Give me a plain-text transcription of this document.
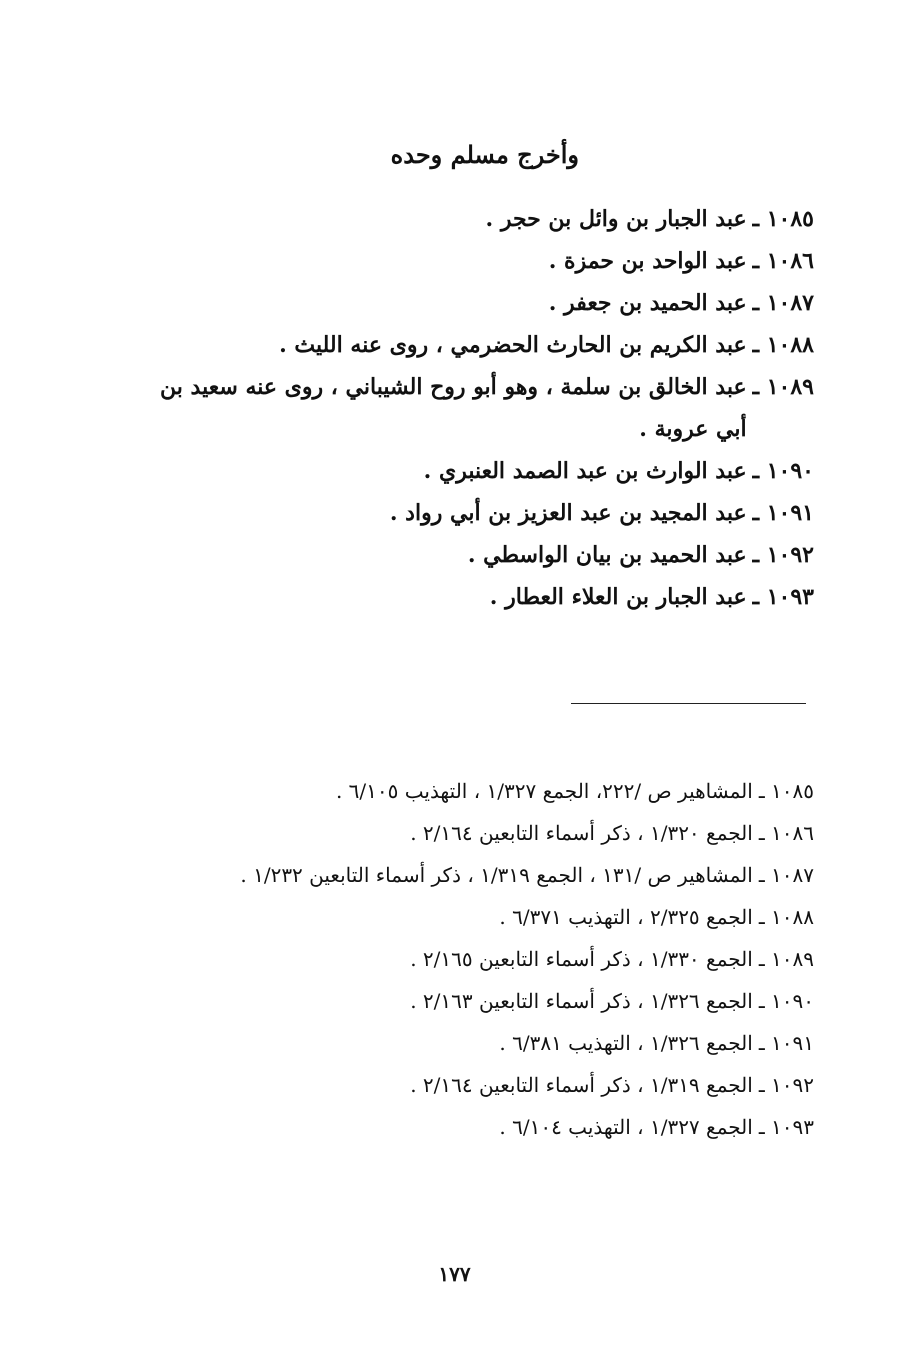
وأخرج مسلم وحده
١٠٨٥ ـ
عبد الجبار بن وائل بن حجر .
١٠٨٦ ـ
عبد الواحد بن حمزة .
١٠٨٧ ـ
عبد الحميد بن جعفر .
١٠٨٨ ـ
عبد الكريم بن الحارث الحضرمي ، روى عنه الليث .
١٠٨٩ ـ
عبد الخالق بن سلمة ، وهو أبو روح الشيباني ، روى عنه سعيد بن أبي عروبة .
١٠٩٠ ـ
عبد الوارث بن عبد الصمد العنبري .
١٠٩١ ـ
عبد المجيد بن عبد العزيز بن أبي رواد .
١٠٩٢ ـ
عبد الحميد بن بيان الواسطي .
١٠٩٣ ـ
عبد الجبار بن العلاء العطار .
١٠٨٥ ـ
المشاهير ص /٢٢٢، الجمع ١/٣٢٧ ، التهذيب ٦/١٠٥ .
١٠٨٦ ـ
الجمع ١/٣٢٠ ، ذكر أسماء التابعين ٢/١٦٤ .
١٠٨٧ ـ
المشاهير ص /١٣١ ، الجمع ١/٣١٩ ، ذكر أسماء التابعين ١/٢٣٢ .
١٠٨٨ ـ
الجمع ٢/٣٢٥ ، التهذيب ٦/٣٧١ .
١٠٨٩ ـ
الجمع ١/٣٣٠ ، ذكر أسماء التابعين ٢/١٦٥ .
١٠٩٠ ـ
الجمع ١/٣٢٦ ، ذكر أسماء التابعين ٢/١٦٣ .
١٠٩١ ـ
الجمع ١/٣٢٦ ، التهذيب ٦/٣٨١ .
١٠٩٢ ـ
الجمع ١/٣١٩ ، ذكر أسماء التابعين ٢/١٦٤ .
١٠٩٣ ـ
الجمع ١/٣٢٧ ، التهذيب ٦/١٠٤ .
١٧٧
